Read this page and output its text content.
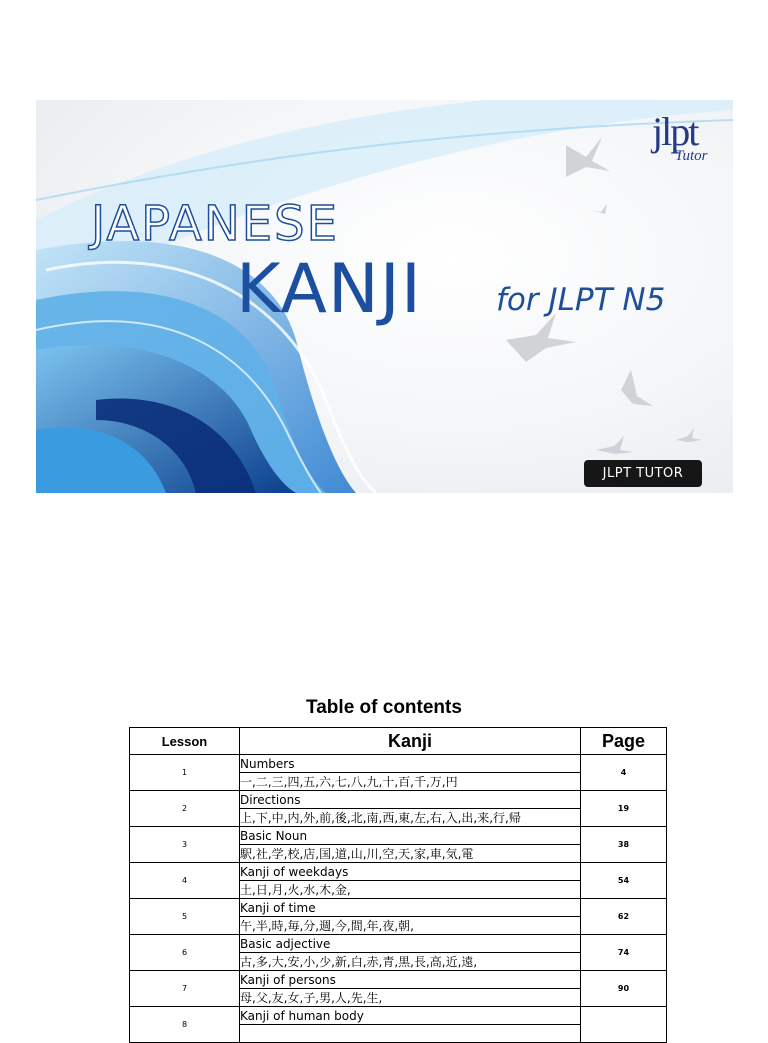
JAPANESE
KANJI for JLPT N5
jlpt
Tutor
JLPT TUTOR
Table of contents
Lesson	Kanji	Page
1	Numbers	4
	一,二,三,四,五,六,七,八,九,十,百,千,万,円	
2	Directions	19
	上,下,中,内,外,前,後,北,南,西,東,左,右,入,出,来,行,帰	
3	Basic Noun	38
	駅,社,学,校,店,国,道,山,川,空,天,家,車,気,電	
4	Kanji of weekdays	54
	土,日,月,火,水,木,金,	
5	Kanji of time	62
	午,半,時,毎,分,週,今,間,年,夜,朝,	
6	Basic adjective	74
	古,多,大,安,小,少,新,白,赤,青,黒,長,高,近,遠,	
7	Kanji of persons	90
	母,父,友,女,子,男,人,先,生,	
8	Kanji of human body	
